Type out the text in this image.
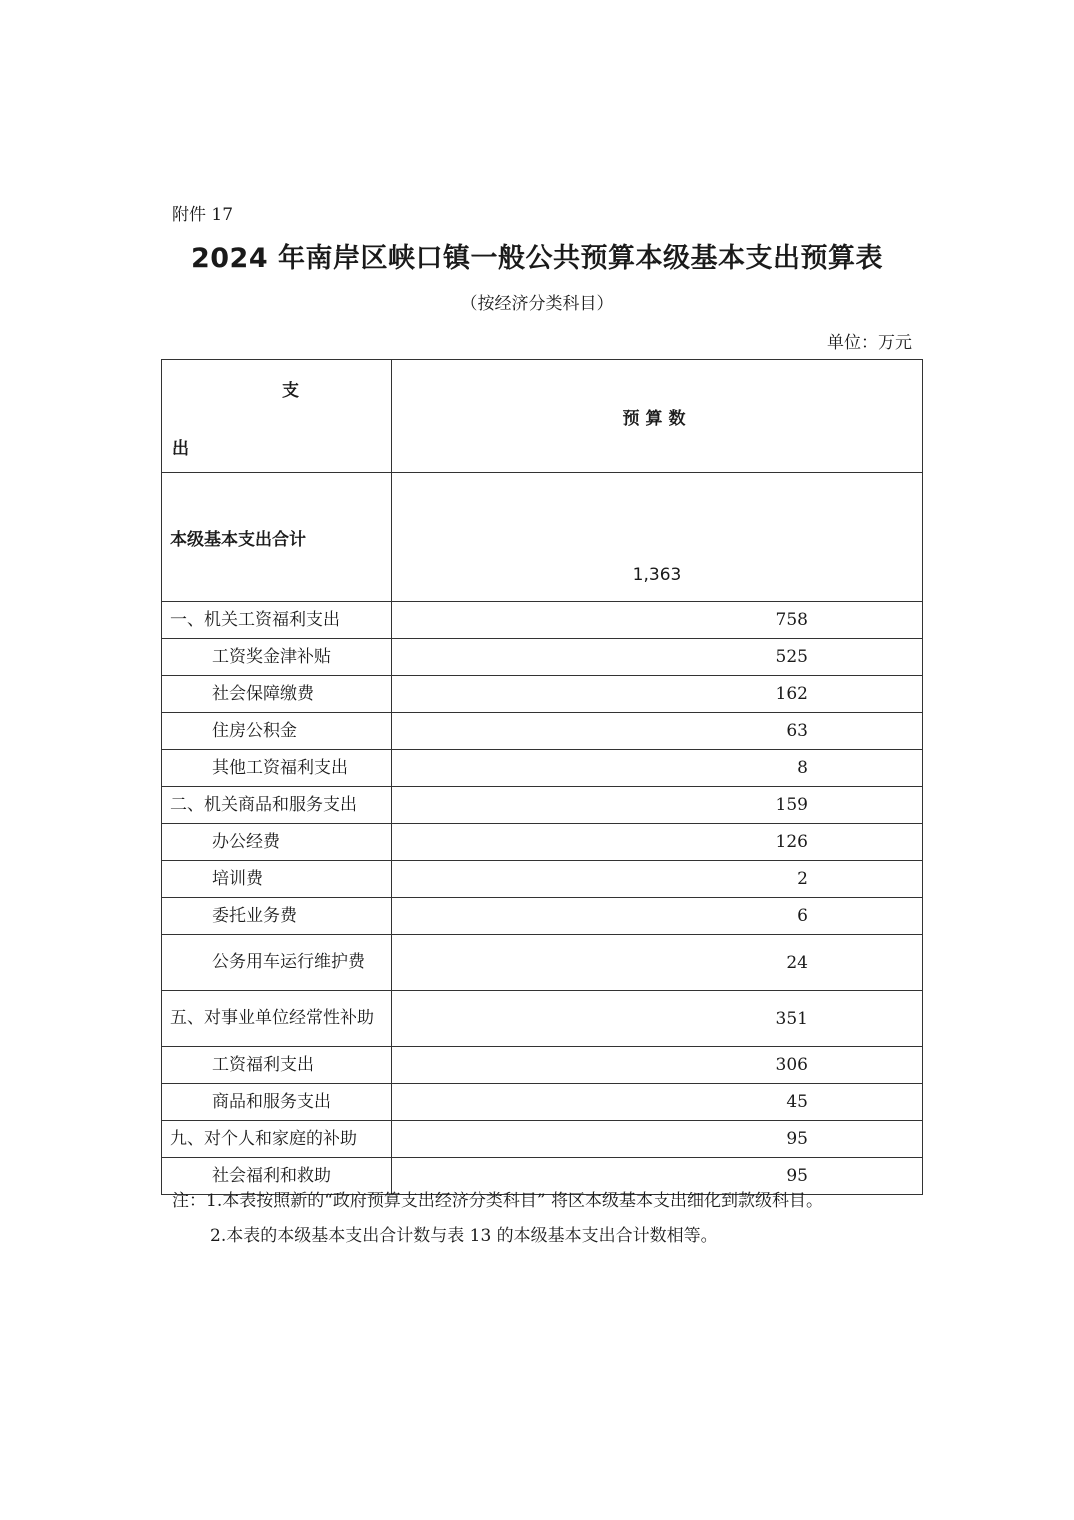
附件 17
2024 年南岸区峡口镇一般公共预算本级基本支出预算表
（按经济分类科目）
单位：万元
支
出	预算数
本级基本支出合计	1,363
一、机关工资福利支出	758
工资奖金津补贴	525
社会保障缴费	162
住房公积金	63
其他工资福利支出	8
二、机关商品和服务支出	159
办公经费	126
培训费	2
委托业务费	6
公务用车运行维护费	24
五、对事业单位经常性补助	351
工资福利支出	306
商品和服务支出	45
九、对个人和家庭的补助	95
社会福利和救助	95

注：1.本表按照新的“政府预算支出经济分类科目” 将区本级基本支出细化到款级科目。

2.本表的本级基本支出合计数与表 13 的本级基本支出合计数相等。
